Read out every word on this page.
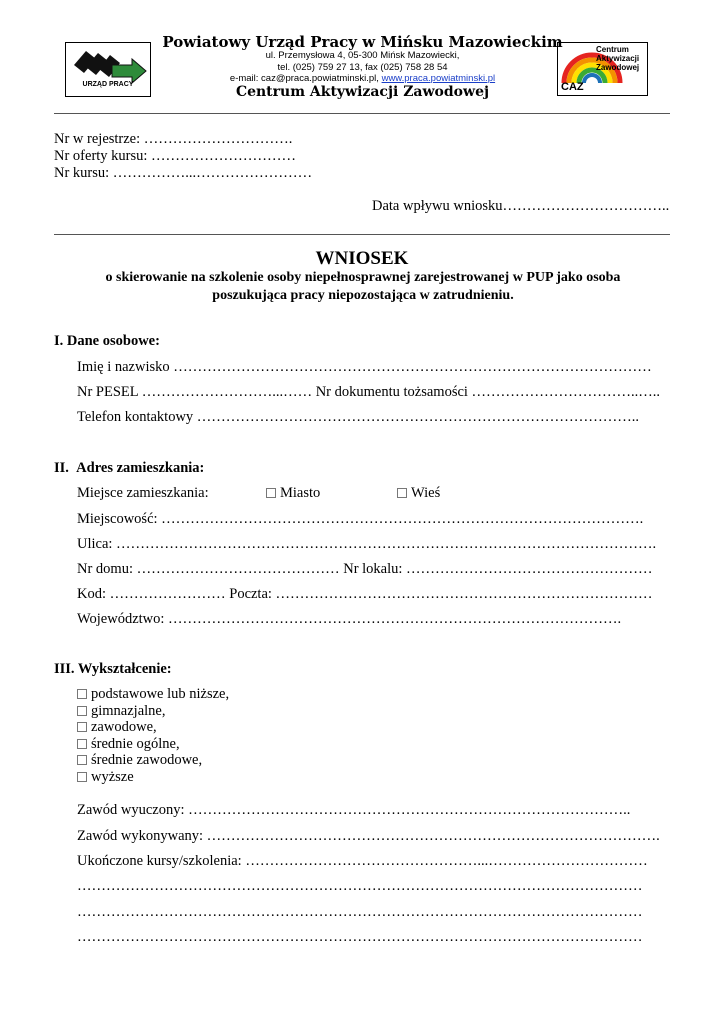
URZĄD PRACY
Powiatowy Urząd Pracy w Mińsku Mazowieckim
ul. Przemysłowa 4, 05-300 Mińsk Mazowiecki,
tel. (025) 759 27 13, fax (025) 758 28 54
e-mail: caz@praca.powiatminski.pl, www.praca.powiatminski.pl
Centrum Aktywizacji Zawodowej
Centrum
Aktywizacji
Zawodowej
CAZ
Nr w rejestrze: ………………………….
Nr oferty kursu: …………………………
Nr kursu: ……………...……………………
Data wpływu wniosku……………………………..
WNIOSEK
o skierowanie na szkolenie osoby niepełnosprawnej zarejestrowanej w PUP jako osoba
poszukująca pracy niepozostająca w zatrudnieniu.
I. Dane osobowe:
Imię i nazwisko ………………………………………………………………………………………
Nr PESEL ………………………...…… Nr dokumentu tożsamości ……………………………..…..
Telefon kontaktowy ………………………………………………………………………………..
II. Adres zamieszkania:
Miejsce zamieszkania:	Miasto	Wieś
Miejscowość: ……………………………………………………………………………………….
Ulica: ………………………………………………………………………………………………….
Nr domu: …………………………………… Nr lokalu: ……………………………………………
Kod: …………………… Poczta: ……………………………………………………………………
Województwo: ………………………………………………………………………………….
III. Wykształcenie:
podstawowe lub niższe,
gimnazjalne,
zawodowe,
średnie ogólne,
średnie zawodowe,
wyższe
Zawód wyuczony: ………………………………………………………………………………..
Zawód wykonywany: ………………………………………………………………………………….
Ukończone kursy/szkolenia: …………………………………………...……………………………
………………………………………………………………………………………………………
………………………………………………………………………………………………………
………………………………………………………………………………………………………
